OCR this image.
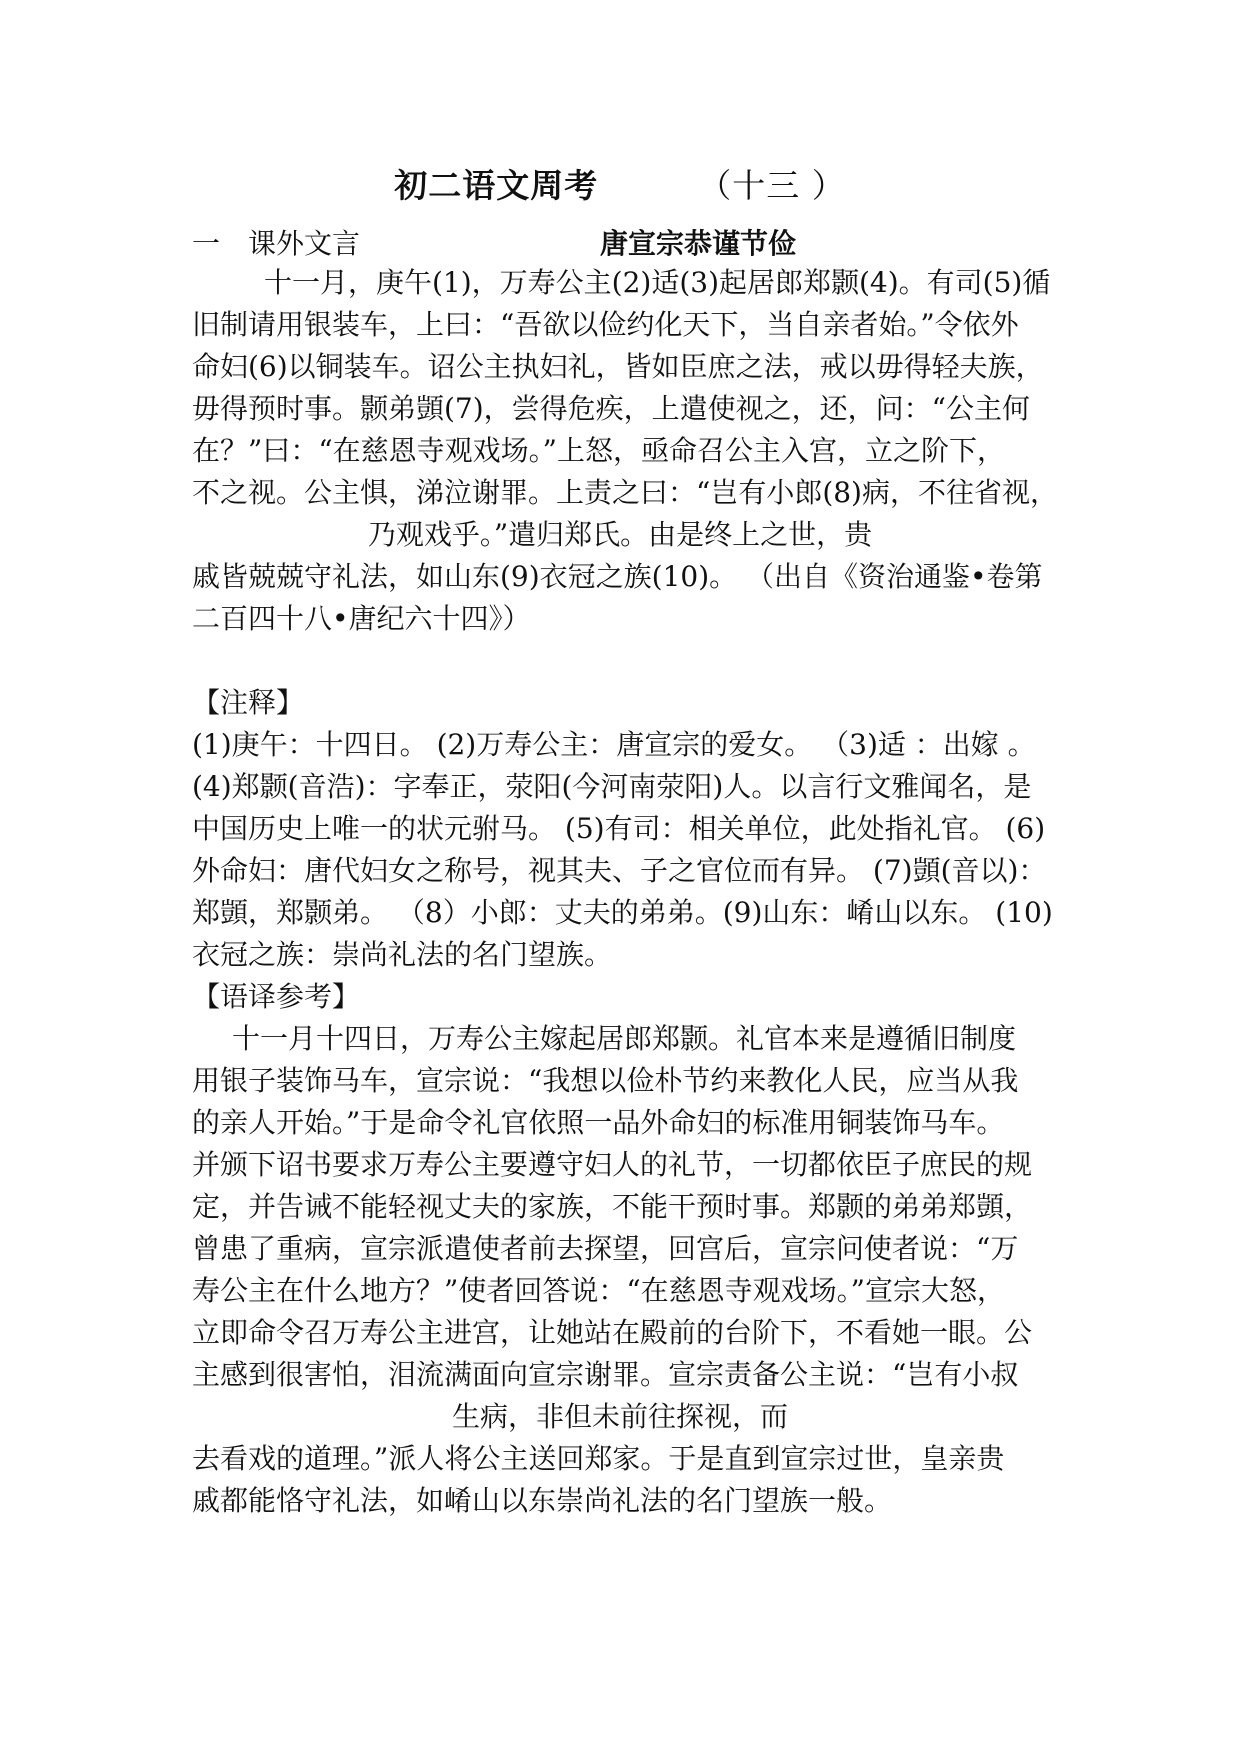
初二语文周考	（十三 ）
一　课外文言	唐宣宗恭谨节俭
十一月，庚午(1)，万寿公主(2)适(3)起居郎郑颢(4)。有司(5)循
旧制请用银装车，上曰：“吾欲以俭约化天下，当自亲者始。”令依外
命妇(6)以铜装车。诏公主执妇礼，皆如臣庶之法，戒以毋得轻夫族，
毋得预时事。颢弟顗(7)，尝得危疾，上遣使视之，还，问：“公主何
在？”曰：“在慈恩寺观戏场。”上怒，亟命召公主入宫，立之阶下，
不之视。公主惧，涕泣谢罪。上责之曰：“岂有小郎(8)病，不往省视，
乃观戏乎。”遣归郑氏。由是终上之世，贵
戚皆兢兢守礼法，如山东(9)衣冠之族(10)。 （出自《资治通鉴•卷第
二百四十八•唐纪六十四》）
【注释】
(1)庚午：十四日。 (2)万寿公主：唐宣宗的爱女。 （3)适 ：出嫁 。
(4)郑颢(音浩)：字奉正，荥阳(今河南荥阳)人。以言行文雅闻名，是
中国历史上唯一的状元驸马。 (5)有司：相关单位，此处指礼官。 (6)
外命妇：唐代妇女之称号，视其夫、子之官位而有异。 (7)顗(音以)：
郑顗，郑颢弟。 （8）小郎：丈夫的弟弟。(9)山东：崤山以东。 (10)
衣冠之族：崇尚礼法的名门望族。
【语译参考】
十一月十四日，万寿公主嫁起居郎郑颢。礼官本来是遵循旧制度
用银子装饰马车，宣宗说：“我想以俭朴节约来教化人民，应当从我
的亲人开始。”于是命令礼官依照一品外命妇的标准用铜装饰马车。
并颁下诏书要求万寿公主要遵守妇人的礼节，一切都依臣子庶民的规
定，并告诫不能轻视丈夫的家族，不能干预时事。郑颢的弟弟郑顗，
曾患了重病，宣宗派遣使者前去探望，回宫后，宣宗问使者说：“万
寿公主在什么地方？”使者回答说：“在慈恩寺观戏场。”宣宗大怒，
立即命令召万寿公主进宫，让她站在殿前的台阶下，不看她一眼。公
主感到很害怕，泪流满面向宣宗谢罪。宣宗责备公主说：“岂有小叔
生病，非但未前往探视，而
去看戏的道理。”派人将公主送回郑家。于是直到宣宗过世，皇亲贵
戚都能恪守礼法，如崤山以东崇尚礼法的名门望族一般。
